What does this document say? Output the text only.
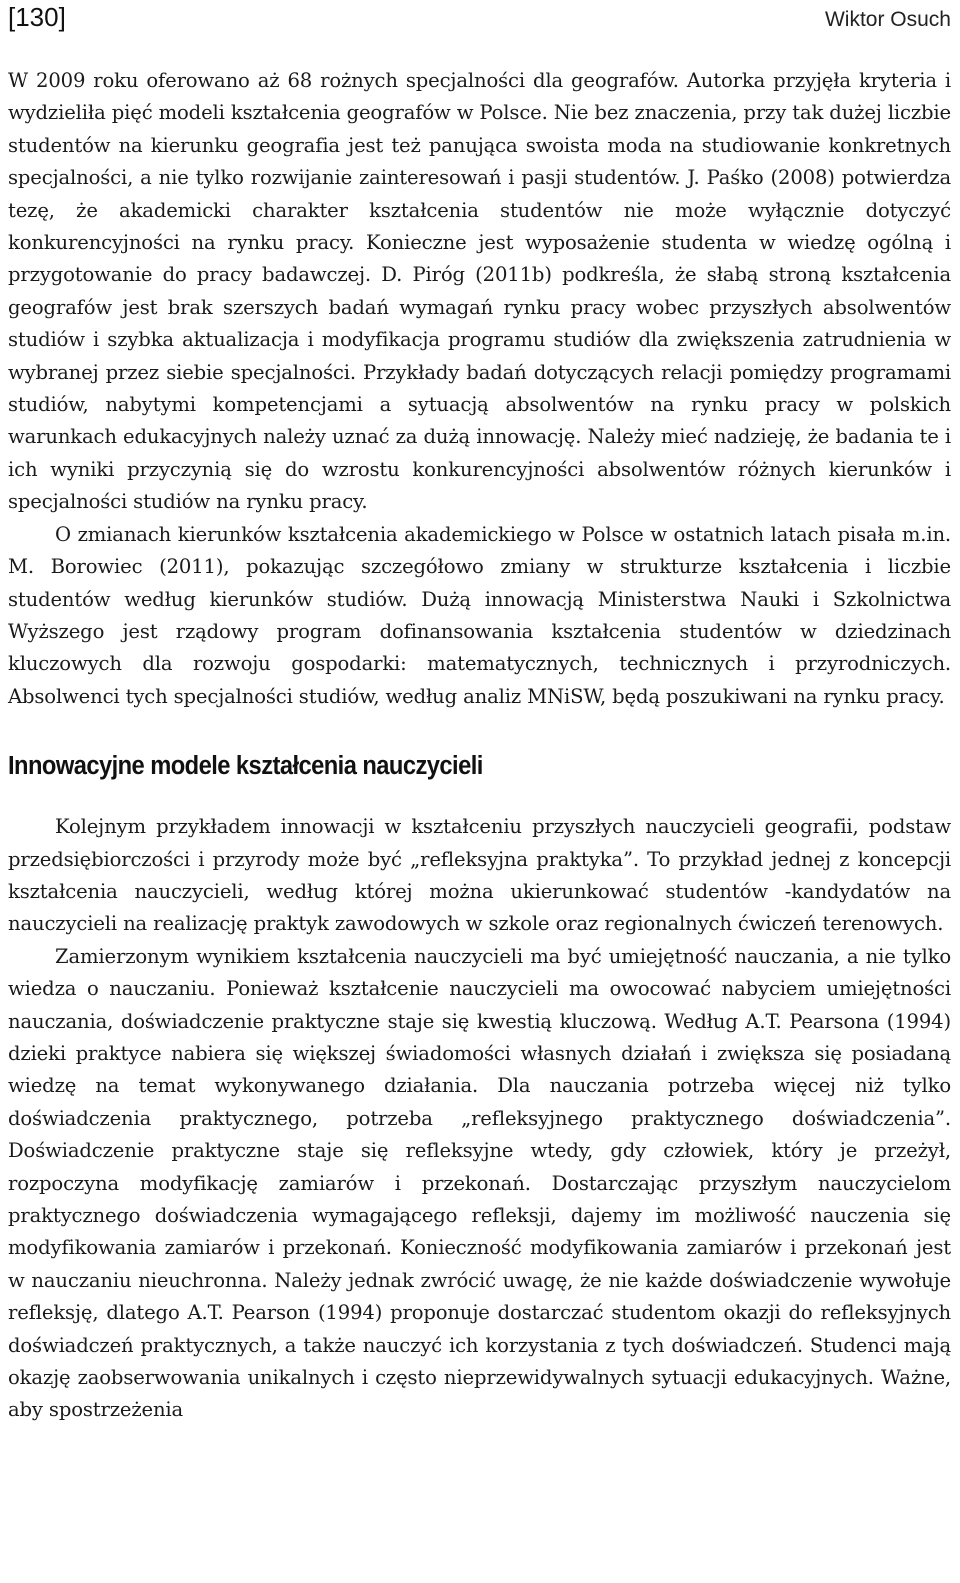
[130]	Wiktor Osuch

W 2009 roku oferowano aż 68 rożnych specjalności dla geografów. Autorka przyjęła kryteria i wydzieliła pięć modeli kształcenia geografów w Polsce. Nie bez znaczenia, przy tak dużej liczbie studentów na kierunku geografia jest też panująca swoista moda na studiowanie konkretnych specjalności, a nie tylko rozwijanie zainteresowań i pasji studentów. J. Paśko (2008) potwierdza tezę, że akademicki charakter kształcenia studentów nie może wyłącznie dotyczyć konkurencyjności na rynku pracy. Konieczne jest wyposażenie studenta w wiedzę ogólną i przygotowanie do pracy badawczej. D. Piróg (2011b) podkreśla, że słabą stroną kształcenia geografów jest brak szerszych badań wymagań rynku pracy wobec przyszłych absolwentów studiów i szybka aktualizacja i modyfikacja programu studiów dla zwiększenia zatrudnienia w wybranej przez siebie specjalności. Przykłady badań dotyczących relacji pomiędzy programami studiów, nabytymi kompetencjami a sytuacją absolwentów na rynku pracy w polskich warunkach edukacyjnych należy uznać za dużą innowację. Należy mieć nadzieję, że badania te i ich wyniki przyczynią się do wzrostu konkurencyjności absolwentów różnych kierunków i specjalności studiów na rynku pracy.

O zmianach kierunków kształcenia akademickiego w Polsce w ostatnich latach pisała m.in. M. Borowiec (2011), pokazując szczegółowo zmiany w strukturze kształcenia i liczbie studentów według kierunków studiów. Dużą innowacją Ministerstwa Nauki i Szkolnictwa Wyższego jest rządowy program dofinansowania kształcenia studentów w dziedzinach kluczowych dla rozwoju gospodarki: matematycznych, technicznych i przyrodniczych. Absolwenci tych specjalności studiów, według analiz MNiSW, będą poszukiwani na rynku pracy.

Innowacyjne modele kształcenia nauczycieli

Kolejnym przykładem innowacji w kształceniu przyszłych nauczycieli geografii, podstaw przedsiębiorczości i przyrody może być „refleksyjna praktyka”. To przykład jednej z koncepcji kształcenia nauczycieli, według której można ukierunkować studentów -kandydatów na nauczycieli na realizację praktyk zawodowych w szkole oraz regionalnych ćwiczeń terenowych.

Zamierzonym wynikiem kształcenia nauczycieli ma być umiejętność nauczania, a nie tylko wiedza o nauczaniu. Ponieważ kształcenie nauczycieli ma owocować nabyciem umiejętności nauczania, doświadczenie praktyczne staje się kwestią kluczową. Według A.T. Pearsona (1994) dzieki praktyce nabiera się większej świadomości własnych działań i zwiększa się posiadaną wiedzę na temat wykonywanego działania. Dla nauczania potrzeba więcej niż tylko doświadczenia praktycznego, potrzeba „refleksyjnego praktycznego doświadczenia”. Doświadczenie praktyczne staje się refleksyjne wtedy, gdy człowiek, który je przeżył, rozpoczyna modyfikację zamiarów i przekonań. Dostarczając przyszłym nauczycielom praktycznego doświadczenia wymagającego refleksji, dajemy im możliwość nauczenia się modyfikowania zamiarów i przekonań. Konieczność modyfikowania zamiarów i przekonań jest w nauczaniu nieuchronna. Należy jednak zwrócić uwagę, że nie każde doświadczenie wywołuje refleksję, dlatego A.T. Pearson (1994) proponuje dostarczać studentom okazji do refleksyjnych doświadczeń praktycznych, a także nauczyć ich korzystania z tych doświadczeń. Studenci mają okazję zaobserwowania unikalnych i często nieprzewidywalnych sytuacji edukacyjnych. Ważne, aby spostrzeżenia
